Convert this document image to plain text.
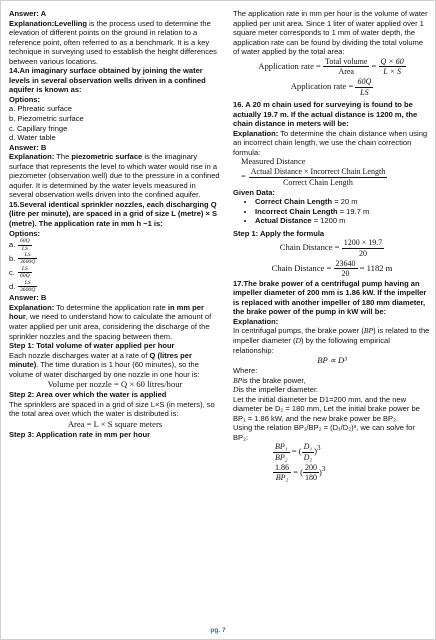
Answer: A

Explanation:Levelling is the process used to determine the elevation of different points on the ground in relation to a reference point, often referred to as a benchmark. It is a key technique in surveying used to establish the height differences between various locations.

14.An imaginary surface obtained by joining the water levels in several observation wells driven in a confined aquifer is known as:

Options:

a. Phreatic surface

b. Piezometric surface

c. Capillary fringe

d. Water table

Answer: B

Explanation: The piezometric surface is the imaginary surface that represents the level to which water would rise in a piezometer (observation well) due to the pressure in a confined aquifer. It is determined by the water levels measured in several observation wells driven into the confined aquifer.

15.Several identical sprinkler nozzles, each discharging Q (litre per minute), are spaced in a grid of size L (metre) × S (metre). The application rate in mm h −1 is:

Options:

a. $\frac{60Q}{LS}$
b. $\frac{LS}{3600Q}$
c. $\frac{LS}{60Q}$
d. $\frac{LS}{3600Q}$

Answer: B

Explanation: To determine the application rate in mm per hour, we need to understand how to calculate the amount of water applied per unit area, considering the discharge of the sprinkler nozzles and the spacing between them.

Step 1: Total volume of water applied per hour

Each nozzle discharges water at a rate of Q (litres per minute). The time duration is 1 hour (60 minutes), so the volume of water discharged by one nozzle in one hour is:

Volume per nozzle = Q × 60 litres/hour

Step 2: Area over which the water is applied

The sprinklers are spaced in a grid of size L×S (in meters), so the total area over which the water is distributed is:

Area = L × S square meters

Step 3: Application rate in mm per hour

The application rate in mm per hour is the volume of water applied per unit area. Since 1 liter of water applied over 1 square meter corresponds to 1 mm of water depth, the application rate can be found by dividing the total volume of water applied by the total area:

Application rate = $\frac{\text{Total volume}}{\text{Area}} = \frac{Q \times 60}{L \times S}$
Application rate = $\frac{60Q}{LS}$

16. A 20 m chain used for surveying is found to be actually 19.7 m. If the actual distance is 1200 m, the chain distance in meters will be:

Explanation: To determine the chain distance when using an incorrect chain length, we use the chain correction formula:

Measured Distance
= $\frac{\text{Actual Distance × Incorrect Chain Length}}{\text{Correct Chain Length}}$

Given Data:

• Correct Chain Length = 20 m
• Incorrect Chain Length = 19.7 m
• Actual Distance = 1200 m

Step 1: Apply the formula

Chain Distance = $\frac{1200 \times 19.7}{20}$
Chain Distance = $\frac{23640}{20} = 1182$ m

17.The brake power of a centrifugal pump having an impeller diameter of 200 mm is 1.86 kW. If the impeller is replaced with another impeller of 180 mm diameter, the brake power of the pump in kW will be:

Explanation:

In centrifugal pumps, the brake power (BP) is related to the impeller diameter (D) by the following empirical relationship:

BP ∝ D³

Where:

BPis the brake power,

Dis the impeller diameter.

Let the initial diameter be D1=200 mm, and the new diameter be D₂ = 180 mm, Let the initial brake power be BP₁ = 1.86 kW, and the new brake power be BP₂.

Using the relation BP₁/BP₂ = (D₁/D₂)³, we can solve for BP₂:

$\frac{\text{BP₁}}{\text{BP₂}}$ = ( $\frac{\text{D₁}}{\text{D₂}} )^3$
$\frac{1.86}{\text{BP₂}}$ = ( $\frac{200}{180} )^3$
pg. 7
